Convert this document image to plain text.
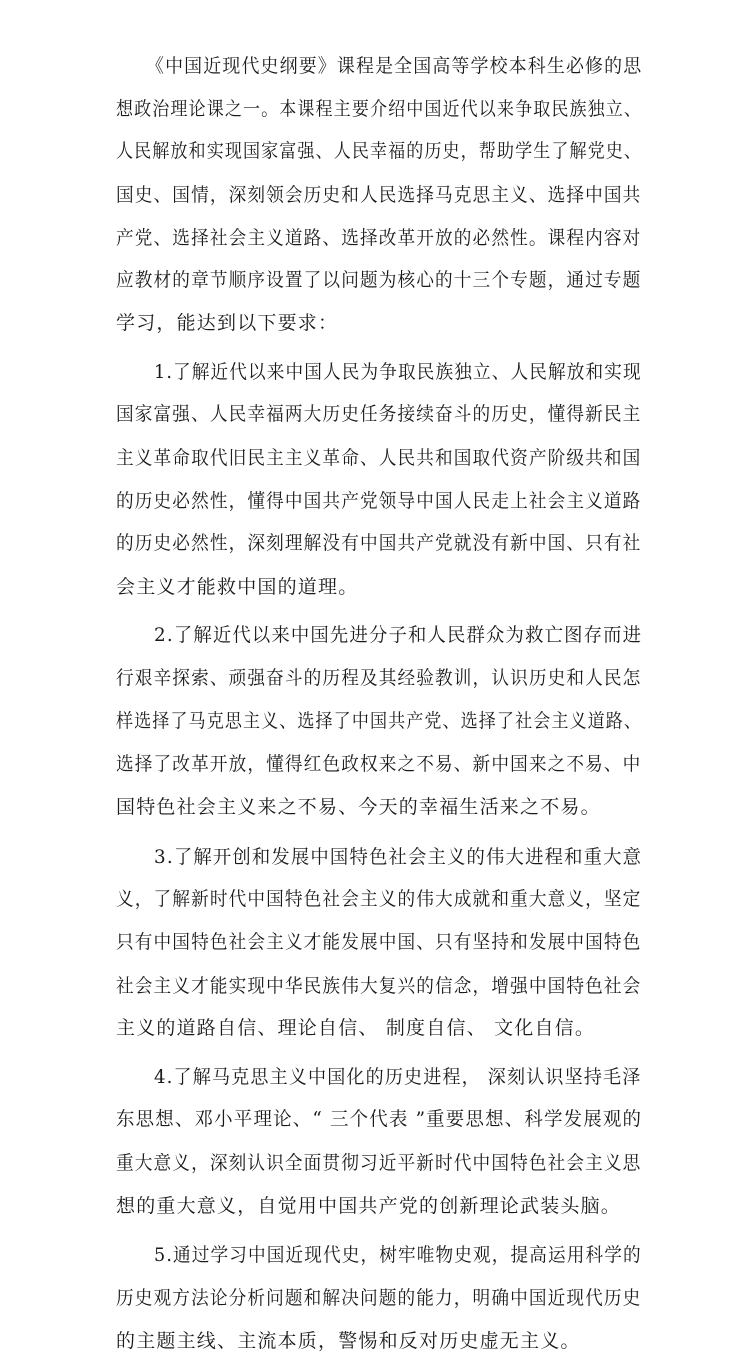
《中国近现代史纲要》课程是全国高等学校本科生必修的思
想政治理论课之一。本课程主要介绍中国近代以来争取民族独立、
人民解放和实现国家富强、人民幸福的历史，帮助学生了解党史、
国史、国情，深刻领会历史和人民选择马克思主义、选择中国共
产党、选择社会主义道路、选择改革开放的必然性。课程内容对
应教材的章节顺序设置了以问题为核心的十三个专题，通过专题
学习，能达到以下要求：
1.了解近代以来中国人民为争取民族独立、人民解放和实现
国家富强、人民幸福两大历史任务接续奋斗的历史，懂得新民主
主义革命取代旧民主主义革命、人民共和国取代资产阶级共和国
的历史必然性，懂得中国共产党领导中国人民走上社会主义道路
的历史必然性，深刻理解没有中国共产党就没有新中国、只有社
会主义才能救中国的道理。
2.了解近代以来中国先进分子和人民群众为救亡图存而进
行艰辛探索、顽强奋斗的历程及其经验教训，认识历史和人民怎
样选择了马克思主义、选择了中国共产党、选择了社会主义道路、
选择了改革开放，懂得红色政权来之不易、新中国来之不易、中
国特色社会主义来之不易、今天的幸福生活来之不易。
3.了解开创和发展中国特色社会主义的伟大进程和重大意
义，了解新时代中国特色社会主义的伟大成就和重大意义，坚定
只有中国特色社会主义才能发展中国、只有坚持和发展中国特色
社会主义才能实现中华民族伟大复兴的信念，增强中国特色社会
主义的道路自信、理论自信、 制度自信、 文化自信。
4.了解马克思主义中国化的历史进程， 深刻认识坚持毛泽
东思想、邓小平理论、“ 三个代表 ”重要思想、科学发展观的
重大意义，深刻认识全面贯彻习近平新时代中国特色社会主义思
想的重大意义，自觉用中国共产党的创新理论武装头脑。
5.通过学习中国近现代史，树牢唯物史观，提高运用科学的
历史观方法论分析问题和解决问题的能力，明确中国近现代历史
的主题主线、主流本质，警惕和反对历史虚无主义。
